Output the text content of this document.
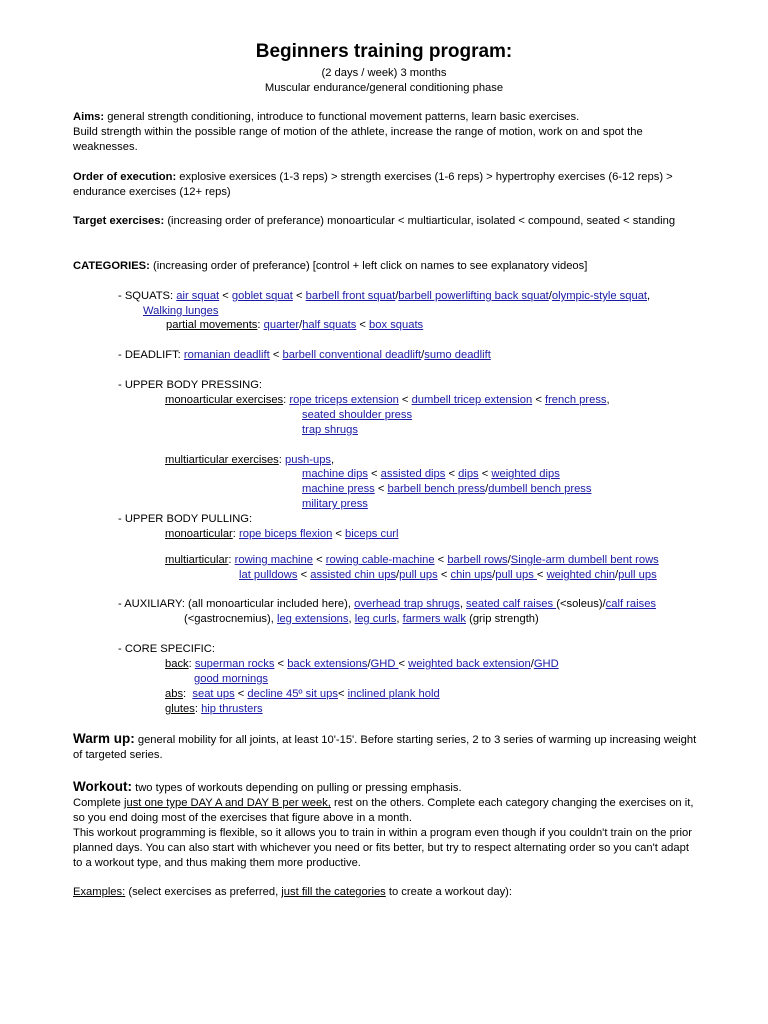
Beginners training program:
(2 days / week) 3 months
Muscular endurance/general conditioning phase
Aims: general strength conditioning, introduce to functional movement patterns, learn basic exercises.
Build strength within the possible range of motion of the athlete, increase the range of motion, work on and spot the weaknesses.
Order of execution: explosive exersices (1-3 reps) > strength exercises (1-6 reps) > hypertrophy exercises (6-12 reps) > endurance exercises (12+ reps)
Target exercises: (increasing order of preferance) monoarticular < multiarticular, isolated < compound, seated < standing
CATEGORIES: (increasing order of preferance) [control + left click on names to see explanatory videos]
- SQUATS: air squat < goblet squat < barbell front squat/barbell powerlifting back squat/olympic-style squat,
Walking lunges
partial movements: quarter/half squats < box squats
- DEADLIFT: romanian deadlift < barbell conventional deadlift/sumo deadlift
- UPPER BODY PRESSING:
monoarticular exercises: rope triceps extension < dumbell tricep extension < french press,
seated shoulder press
trap shrugs
multiarticular exercises: push-ups,
machine dips < assisted dips < dips < weighted dips
machine press < barbell bench press/dumbell bench press
military press
- UPPER BODY PULLING:
monoarticular: rope biceps flexion < biceps curl
multiarticular: rowing machine < rowing cable-machine < barbell rows/Single-arm dumbell bent rows
lat pulldows < assisted chin ups/pull ups < chin ups/pull ups < weighted chin/pull ups
- AUXILIARY: (all monoarticular included here), overhead trap shrugs, seated calf raises (<soleus)/calf raises
(<gastrocnemius), leg extensions, leg curls, farmers walk (grip strength)
- CORE SPECIFIC:
back: superman rocks < back extensions/GHD < weighted back extension/GHD
good mornings
abs:  seat ups < decline 45º sit ups< inclined plank hold
glutes: hip thrusters
Warm up: general mobility for all joints, at least 10'-15'. Before starting series, 2 to 3 series of warming up increasing weight of targeted series.
Workout: two types of workouts depending on pulling or pressing emphasis.
Complete just one type DAY A and DAY B per week, rest on the others. Complete each category changing the exercises on it, so you end doing most of the exercises that figure above in a month.
This workout programming is flexible, so it allows you to train in within a program even though if you couldn't train on the prior planned days. You can also start with whichever you need or fits better, but try to respect alternating order so you can't adapt to a workout type, and thus making them more productive.
Examples: (select exercises as preferred, just fill the categories to create a workout day):
